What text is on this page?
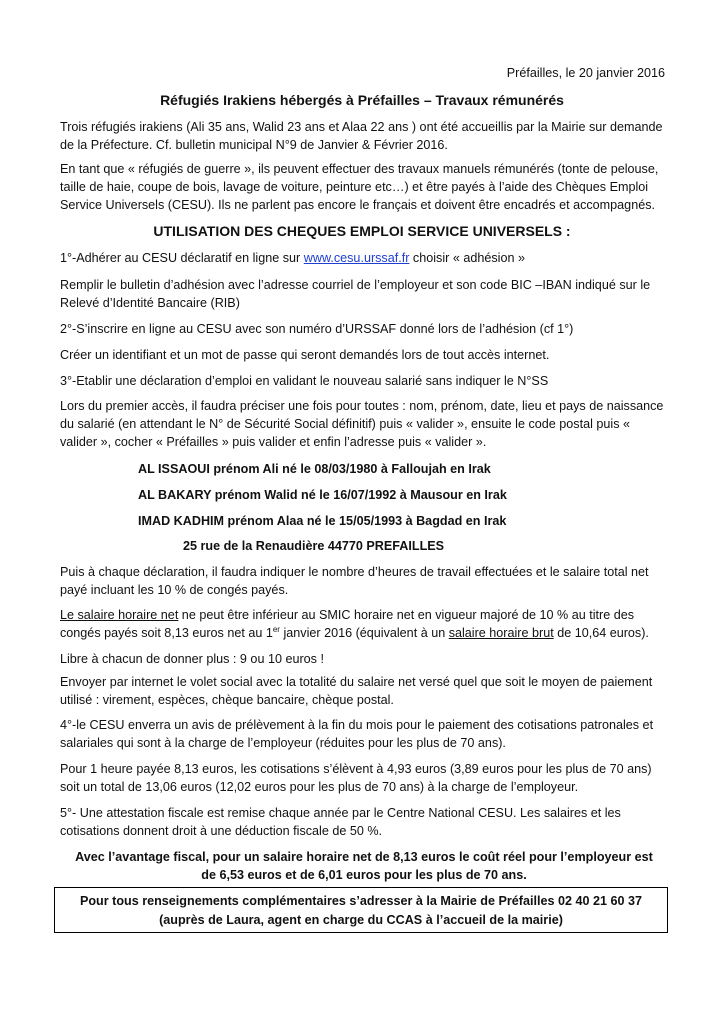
Préfailles, le 20 janvier 2016
Réfugiés Irakiens hébergés à Préfailles – Travaux rémunérés

Trois réfugiés irakiens (Ali 35 ans, Walid 23 ans et Alaa 22 ans ) ont été accueillis par la Mairie sur demande de la Préfecture. Cf. bulletin municipal N°9 de Janvier & Février 2016.

En tant que « réfugiés de guerre », ils peuvent effectuer des travaux manuels rémunérés (tonte de pelouse, taille de haie, coupe de bois, lavage de voiture, peinture etc…) et être payés à l’aide des Chèques Emploi Service Universels (CESU). Ils ne parlent pas encore le français et doivent être encadrés et accompagnés.

UTILISATION DES CHEQUES EMPLOI SERVICE UNIVERSELS :

1°-Adhérer au CESU déclaratif en ligne sur www.cesu.urssaf.fr choisir « adhésion »

Remplir le bulletin d’adhésion avec l’adresse courriel de l’employeur et son code BIC –IBAN indiqué sur le Relevé d’Identité Bancaire (RIB)

2°-S’inscrire en ligne au CESU avec son numéro d’URSSAF donné lors de l’adhésion (cf 1°)

Créer un identifiant et un mot de passe qui seront demandés lors de tout accès internet.

3°-Etablir une déclaration d’emploi en validant le nouveau salarié sans indiquer le N°SS

Lors du premier accès, il faudra préciser une fois pour toutes : nom, prénom, date, lieu et pays de naissance du salarié (en attendant le N° de Sécurité Social définitif) puis « valider », ensuite le code postal puis « valider », cocher « Préfailles » puis valider et enfin l’adresse puis « valider ».

AL ISSAOUI prénom Ali né le 08/03/1980 à Falloujah en Irak

AL BAKARY prénom Walid né le 16/07/1992 à Mausour en Irak

IMAD KADHIM prénom Alaa né le 15/05/1993 à Bagdad en Irak

25 rue de la Renaudière 44770 PREFAILLES

Puis à chaque déclaration, il faudra indiquer le nombre d’heures de travail effectuées et le salaire total net payé incluant les 10 % de congés payés.

Le salaire horaire net ne peut être inférieur au SMIC horaire net en vigueur majoré de 10 % au titre des congés payés soit 8,13 euros net au 1er janvier 2016 (équivalent à un salaire horaire brut de 10,64 euros).

Libre à chacun de donner plus : 9 ou 10 euros !

Envoyer par internet le volet social avec la totalité du salaire net versé quel que soit le moyen de paiement utilisé : virement, espèces, chèque bancaire, chèque postal.

4°-le CESU enverra un avis de prélèvement à la fin du mois pour le paiement des cotisations patronales et salariales qui sont à la charge de l’employeur (réduites pour les plus de 70 ans).

Pour 1 heure payée 8,13 euros, les cotisations s’élèvent à 4,93 euros (3,89 euros pour les plus de 70 ans) soit un total de 13,06 euros (12,02 euros pour les plus de 70 ans) à la charge de l’employeur.

5°- Une attestation fiscale est remise chaque année par le Centre National CESU. Les salaires et les cotisations donnent droit à une déduction fiscale de 50 %.

Avec l’avantage fiscal, pour un salaire horaire net de 8,13 euros le coût réel pour l’employeur est

de 6,53 euros et de 6,01 euros pour les plus de 70 ans.

Pour tous renseignements complémentaires s’adresser à la Mairie de Préfailles 02 40 21 60 37

(auprès de Laura, agent en charge du CCAS à l’accueil de la mairie)
